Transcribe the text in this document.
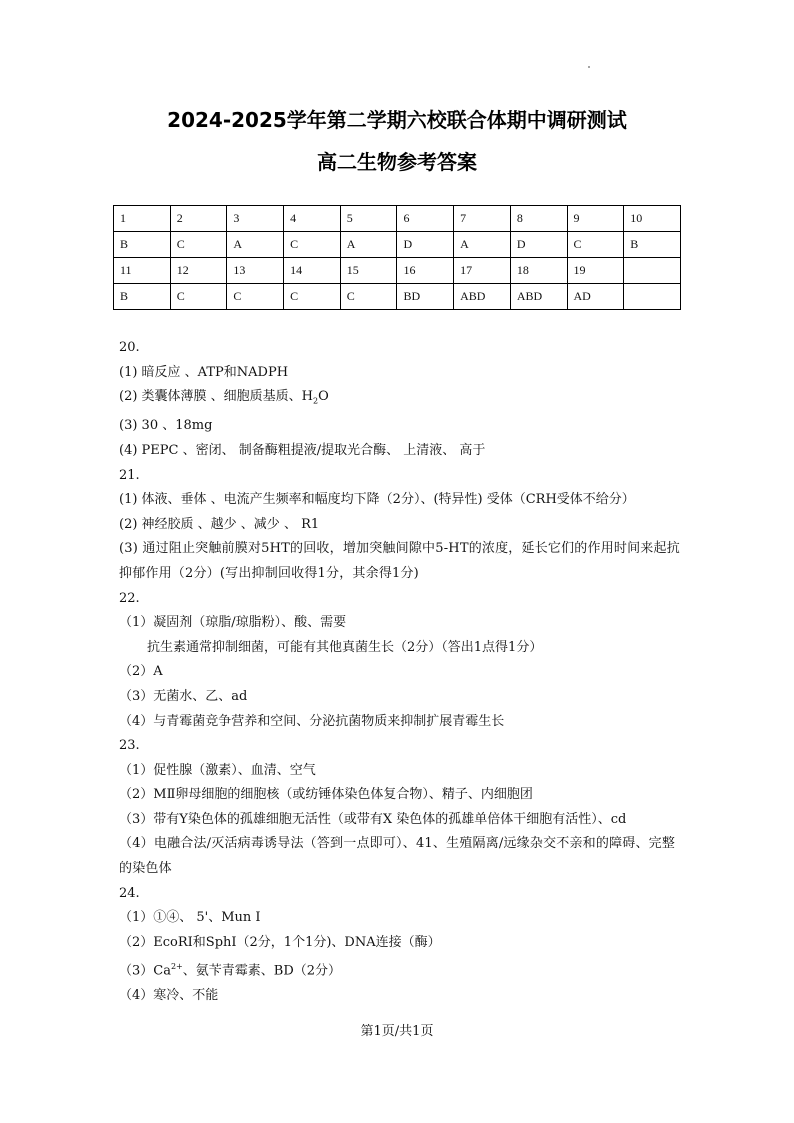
2024-2025学年第二学期六校联合体期中调研测试
高二生物参考答案
1	2	3	4	5	6	7	8	9	10
B	C	A	C	A	D	A	D	C	B
11	12	13	14	15	16	17	18	19	
B	C	C	C	C	BD	ABD	ABD	AD	
20.
(1) 暗反应 、ATP和NADPH
(2) 类囊体薄膜 、细胞质基质、$H_2O$
(3) 30 、18mg
(4) PEPC 、密闭、 制备酶粗提液/提取光合酶、 上清液、 高于
21.
(1) 体液、垂体 、电流产生频率和幅度均下降（2分）、(特异性) 受体（CRH受体不给分）
(2) 神经胶质 、越少 、减少 、 R1
(3) 通过阻止突触前膜对5HT的回收，增加突触间隙中5-HT的浓度，延长它们的作用时间来起抗抑郁作用（2分）(写出抑制回收得1分，其余得1分)
22.
（1）凝固剂（琼脂/琼脂粉）、酸、需要
抗生素通常抑制细菌，可能有其他真菌生长（2分）（答出1点得1分）
（2）A
（3）无菌水、乙、ad
（4）与青霉菌竞争营养和空间、分泌抗菌物质来抑制扩展青霉生长
23.
（1）促性腺（激素）、血清、空气
（2）MⅡ卵母细胞的细胞核（或纺锤体染色体复合物）、精子、内细胞团
（3）带有Y染色体的孤雄细胞无活性（或带有X 染色体的孤雄单倍体干细胞有活性）、cd
（4）电融合法/灭活病毒诱导法（答到一点即可）、41、生殖隔离/远缘杂交不亲和的障碍、完整的染色体
24.
（1）①④、 5'、Mun Ⅰ
（2）EcoRⅠ和SphⅠ（2分，1个1分)、DNA连接（酶）
$(3)Ca^{2+}$、氨苄青霉素、BD（2分）
（4）寒冷、不能
第1页/共1页
